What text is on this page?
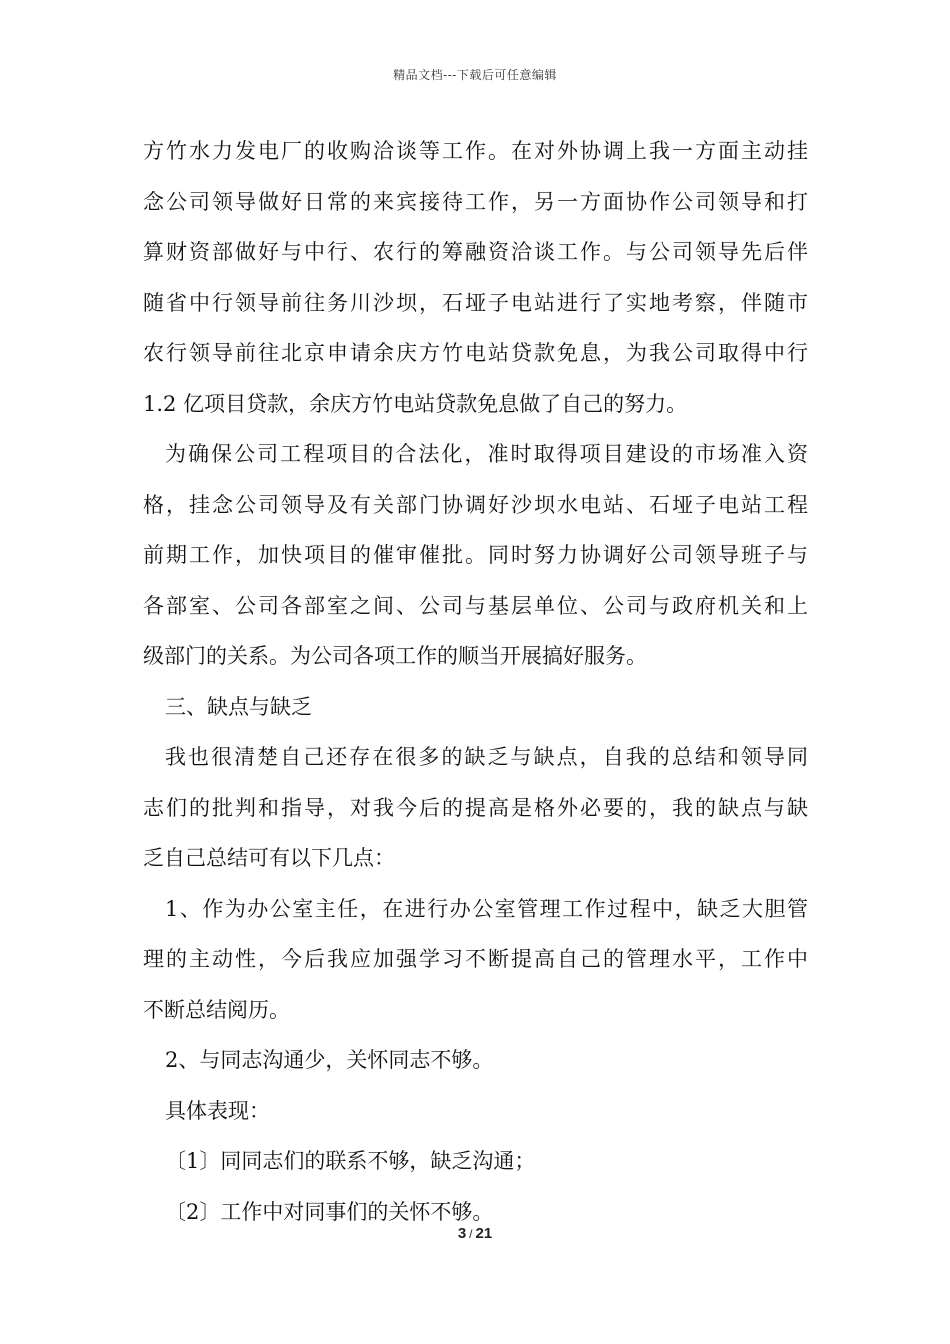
精品文档---下载后可任意编辑
方竹水力发电厂的收购洽谈等工作。在对外协调上我一方面主动挂
念公司领导做好日常的来宾接待工作，另一方面协作公司领导和打
算财资部做好与中行、农行的筹融资洽谈工作。与公司领导先后伴
随省中行领导前往务川沙坝，石垭子电站进行了实地考察，伴随市
农行领导前往北京申请余庆方竹电站贷款免息，为我公司取得中行
1.2 亿项目贷款，余庆方竹电站贷款免息做了自己的努力。
为确保公司工程项目的合法化，准时取得项目建设的市场准入资
格，挂念公司领导及有关部门协调好沙坝水电站、石垭子电站工程
前期工作，加快项目的催审催批。同时努力协调好公司领导班子与
各部室、公司各部室之间、公司与基层单位、公司与政府机关和上
级部门的关系。为公司各项工作的顺当开展搞好服务。
三、缺点与缺乏
我也很清楚自己还存在很多的缺乏与缺点，自我的总结和领导同
志们的批判和指导，对我今后的提高是格外必要的，我的缺点与缺
乏自己总结可有以下几点：
1、作为办公室主任，在进行办公室管理工作过程中，缺乏大胆管
理的主动性，今后我应加强学习不断提高自己的管理水平，工作中
不断总结阅历。
2、与同志沟通少，关怀同志不够。
具体表现：
〔1〕同同志们的联系不够，缺乏沟通；
〔2〕工作中对同事们的关怀不够。
3 / 21
